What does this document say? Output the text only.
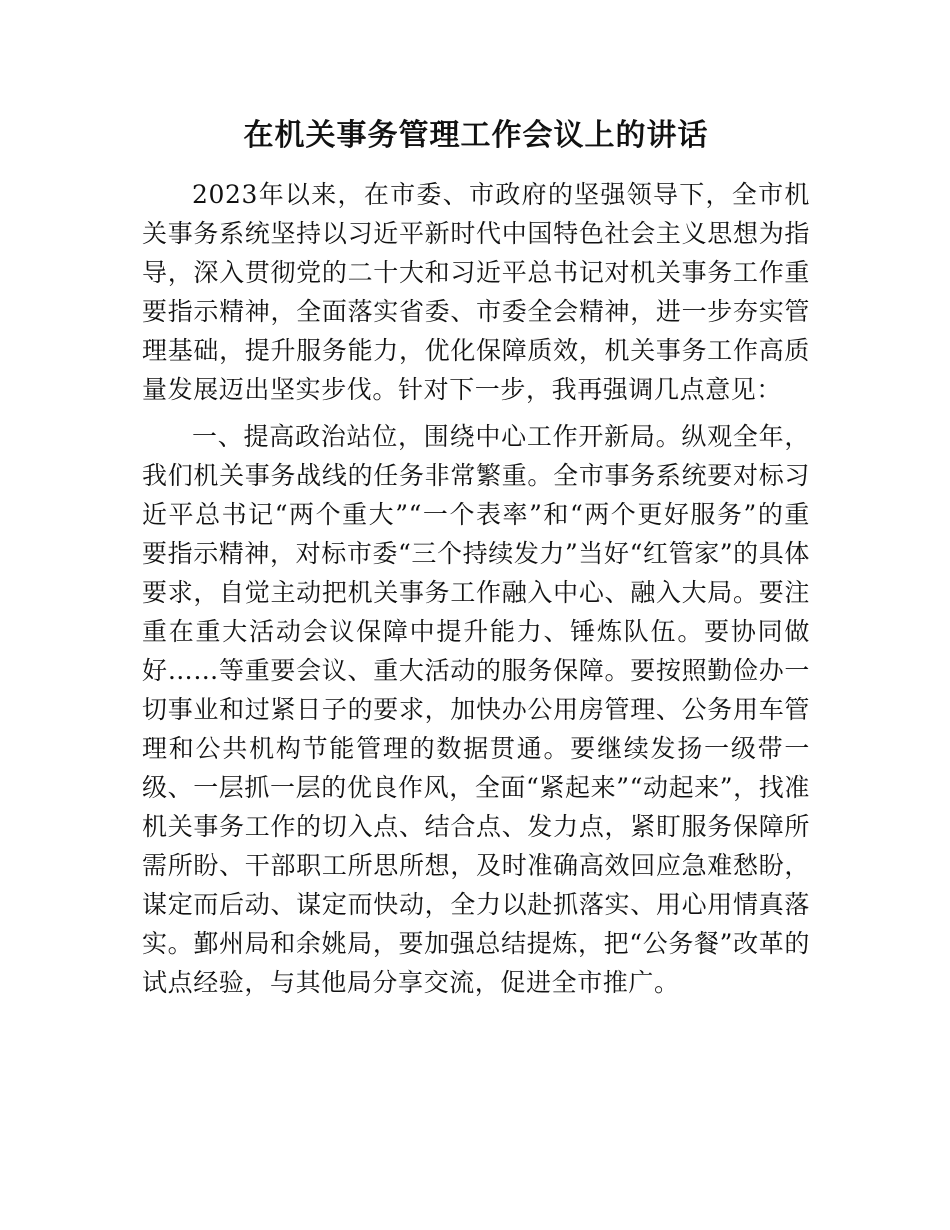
在机关事务管理工作会议上的讲话

2023年以来，在市委、市政府的坚强领导下，全市机关事务系统坚持以习近平新时代中国特色社会主义思想为指导，深入贯彻党的二十大和习近平总书记对机关事务工作重要指示精神，全面落实省委、市委全会精神，进一步夯实管理基础，提升服务能力，优化保障质效，机关事务工作高质量发展迈出坚实步伐。针对下一步，我再强调几点意见：

一、提高政治站位，围绕中心工作开新局。纵观全年，我们机关事务战线的任务非常繁重。全市事务系统要对标习近平总书记“两个重大”“一个表率”和“两个更好服务”的重要指示精神，对标市委“三个持续发力”当好“红管家”的具体要求，自觉主动把机关事务工作融入中心、融入大局。要注重在重大活动会议保障中提升能力、锤炼队伍。要协同做好……等重要会议、重大活动的服务保障。要按照勤俭办一切事业和过紧日子的要求，加快办公用房管理、公务用车管理和公共机构节能管理的数据贯通。要继续发扬一级带一级、一层抓一层的优良作风，全面“紧起来”“动起来”，找准机关事务工作的切入点、结合点、发力点，紧盯服务保障所需所盼、干部职工所思所想，及时准确高效回应急难愁盼，谋定而后动、谋定而快动，全力以赴抓落实、用心用情真落实。鄞州局和余姚局，要加强总结提炼，把“公务餐”改革的试点经验，与其他局分享交流，促进全市推广。
